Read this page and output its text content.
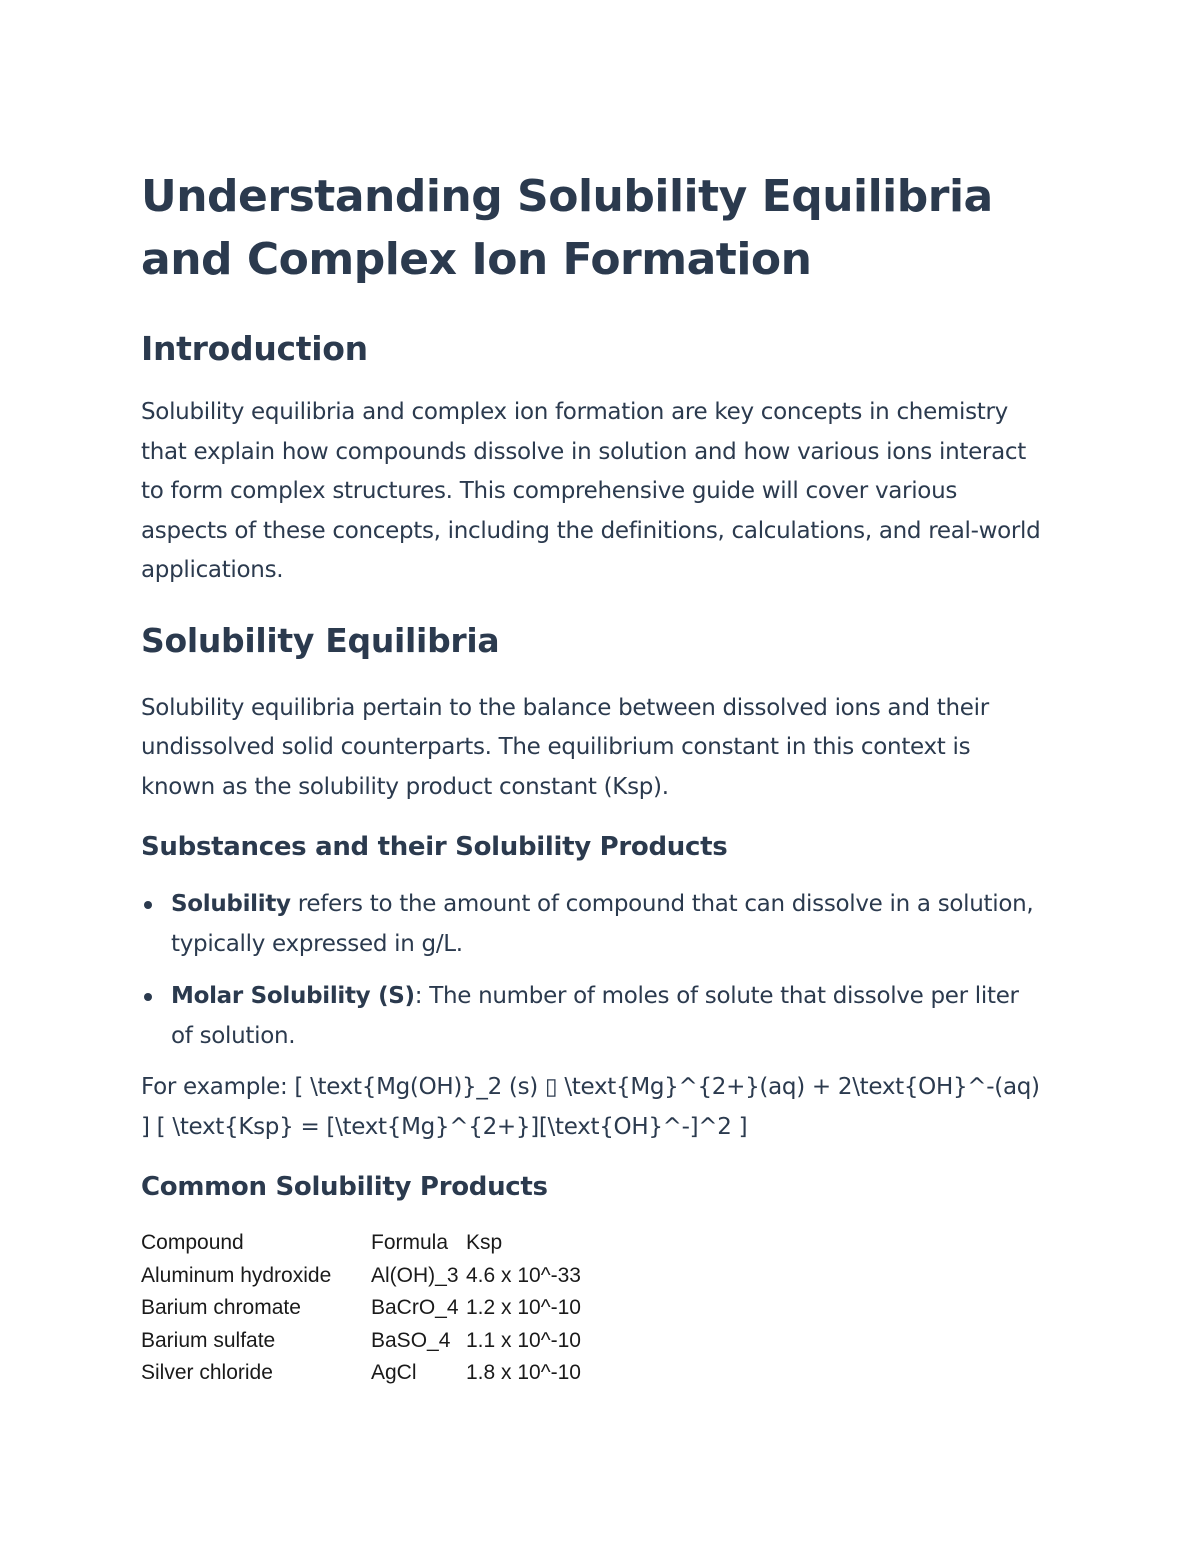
Understanding Solubility Equilibria and Complex Ion Formation
Introduction

Solubility equilibria and complex ion formation are key concepts in chemistry that explain how compounds dissolve in solution and how various ions interact to form complex structures. This comprehensive guide will cover various aspects of these concepts, including the definitions, calculations, and real-world applications.

Solubility Equilibria

Solubility equilibria pertain to the balance between dissolved ions and their undissolved solid counterparts. The equilibrium constant in this context is known as the solubility product constant (Ksp).

Substances and their Solubility Products
Solubility refers to the amount of compound that can dissolve in a solution, typically expressed in g/L.
Molar Solubility (S): The number of moles of solute that dissolve per liter of solution.

For example: [ \text{Mg(OH)}_2 (s) ▯ \text{Mg}^{2+}(aq) + 2\text{OH}^-(aq) ] [ \text{Ksp} = [\text{Mg}^{2+}][\text{OH}^-]^2 ]

Common Solubility Products
Compound	Formula	Ksp
Aluminum hydroxide	Al(OH)_3	4.6 x 10^-33
Barium chromate	BaCrO_4	1.2 x 10^-10
Barium sulfate	BaSO_4	1.1 x 10^-10
Silver chloride	AgCl	1.8 x 10^-10
